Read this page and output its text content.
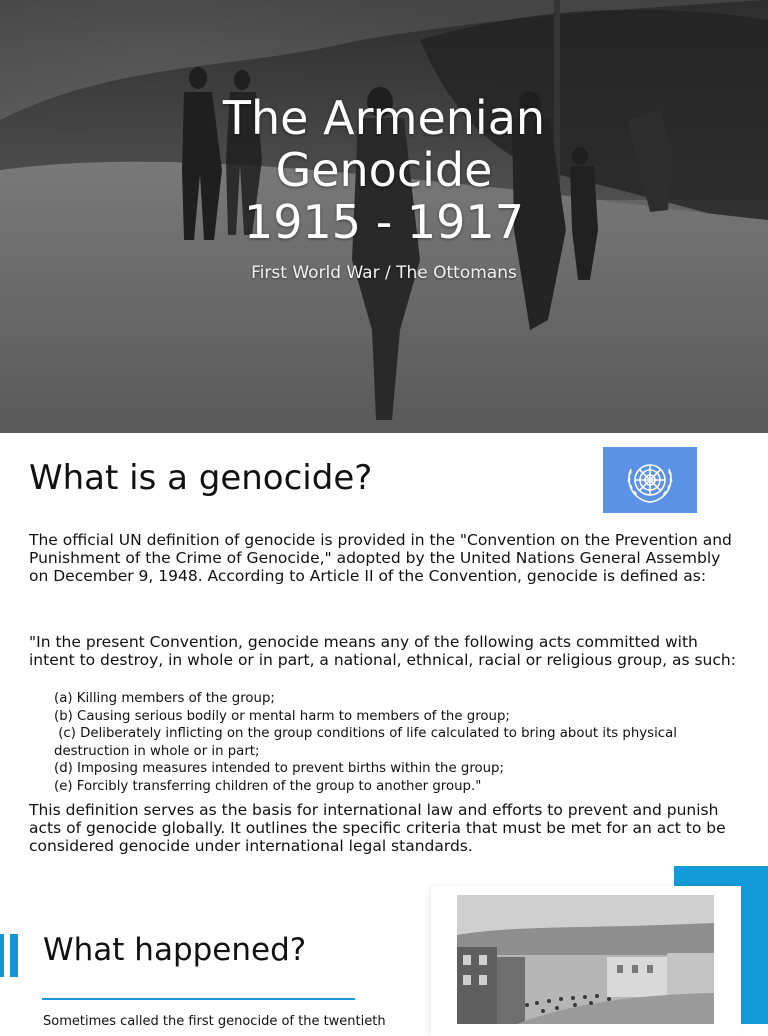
The Armenian
Genocide
1915 - 1917
First World War / The Ottomans
What is a genocide?
The official UN definition of genocide is provided in the "Convention on the Prevention and Punishment of the Crime of Genocide," adopted by the United Nations General Assembly on December 9, 1948. According to Article II of the Convention, genocide is defined as:
"In the present Convention, genocide means any of the following acts committed with intent to destroy, in whole or in part, a national, ethnical, racial or religious group, as such:
(a) Killing members of the group;
(b) Causing serious bodily or mental harm to members of the group;
(c) Deliberately inflicting on the group conditions of life calculated to bring about its physical destruction in whole or in part;
(d) Imposing measures intended to prevent births within the group;
(e) Forcibly transferring children of the group to another group."
This definition serves as the basis for international law and efforts to prevent and punish acts of genocide globally. It outlines the specific criteria that must be met for an act to be considered genocide under international legal standards.
What happened?
Sometimes called the first genocide of the twentieth
